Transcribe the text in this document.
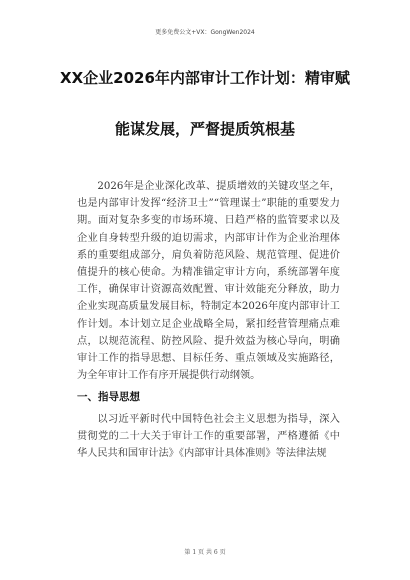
更多免费公文+VX：GongWen2024
XX企业2026年内部审计工作计划：精审赋
能谋发展，严督提质筑根基

2026年是企业深化改革、提质增效的关键攻坚之年，也是内部审计发挥“经济卫士”“管理谋士”职能的重要发力期。面对复杂多变的市场环境、日趋严格的监管要求以及企业自身转型升级的迫切需求，内部审计作为企业治理体系的重要组成部分，肩负着防范风险、规范管理、促进价值提升的核心使命。为精准锚定审计方向，系统部署年度工作，确保审计资源高效配置、审计效能充分释放，助力企业实现高质量发展目标，特制定本2026年度内部审计工作计划。本计划立足企业战略全局，紧扣经营管理痛点难点，以规范流程、防控风险、提升效益为核心导向，明确审计工作的指导思想、目标任务、重点领域及实施路径，为全年审计工作有序开展提供行动纲领。

一、指导思想

以习近平新时代中国特色社会主义思想为指导，深入贯彻党的二十大关于审计工作的重要部署，严格遵循《中华人民共和国审计法》《内部审计具体准则》等法律法规

第 1 页 共 6 页
